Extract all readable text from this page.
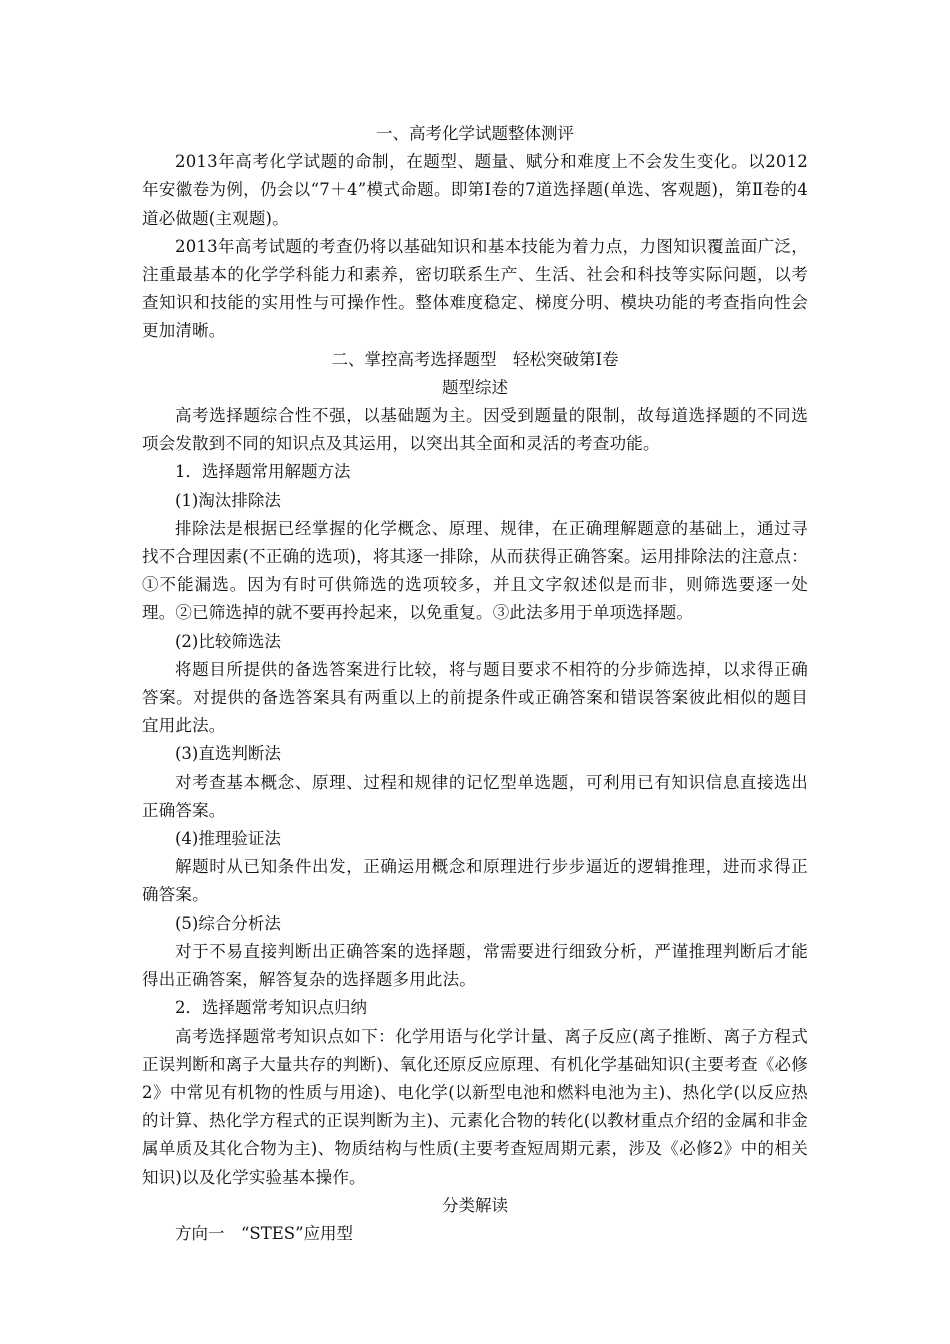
一、高考化学试题整体测评

2013年高考化学试题的命制，在题型、题量、赋分和难度上不会发生变化。以2012年安徽卷为例，仍会以“7＋4”模式命题。即第Ⅰ卷的7道选择题(单选、客观题)，第Ⅱ卷的4道必做题(主观题)。

2013年高考试题的考查仍将以基础知识和基本技能为着力点，力图知识覆盖面广泛，注重最基本的化学学科能力和素养，密切联系生产、生活、社会和科技等实际问题，以考查知识和技能的实用性与可操作性。整体难度稳定、梯度分明、模块功能的考查指向性会更加清晰。

二、掌控高考选择题型　轻松突破第Ⅰ卷

题型综述

高考选择题综合性不强，以基础题为主。因受到题量的限制，故每道选择题的不同选项会发散到不同的知识点及其运用，以突出其全面和灵活的考查功能。

1．选择题常用解题方法

(1)淘汰排除法

排除法是根据已经掌握的化学概念、原理、规律，在正确理解题意的基础上，通过寻找不合理因素(不正确的选项)，将其逐一排除，从而获得正确答案。运用排除法的注意点：①不能漏选。因为有时可供筛选的选项较多，并且文字叙述似是而非，则筛选要逐一处理。②已筛选掉的就不要再拎起来，以免重复。③此法多用于单项选择题。

(2)比较筛选法

将题目所提供的备选答案进行比较，将与题目要求不相符的分步筛选掉，以求得正确答案。对提供的备选答案具有两重以上的前提条件或正确答案和错误答案彼此相似的题目宜用此法。

(3)直选判断法

对考查基本概念、原理、过程和规律的记忆型单选题，可利用已有知识信息直接选出正确答案。

(4)推理验证法

解题时从已知条件出发，正确运用概念和原理进行步步逼近的逻辑推理，进而求得正确答案。

(5)综合分析法

对于不易直接判断出正确答案的选择题，常需要进行细致分析，严谨推理判断后才能得出正确答案，解答复杂的选择题多用此法。

2．选择题常考知识点归纳

高考选择题常考知识点如下：化学用语与化学计量、离子反应(离子推断、离子方程式正误判断和离子大量共存的判断)、氧化还原反应原理、有机化学基础知识(主要考查《必修2》中常见有机物的性质与用途)、电化学(以新型电池和燃料电池为主)、热化学(以反应热的计算、热化学方程式的正误判断为主)、元素化合物的转化(以教材重点介绍的金属和非金属单质及其化合物为主)、物质结构与性质(主要考查短周期元素，涉及《必修2》中的相关知识)以及化学实验基本操作。

分类解读

方向一　“STES”应用型
